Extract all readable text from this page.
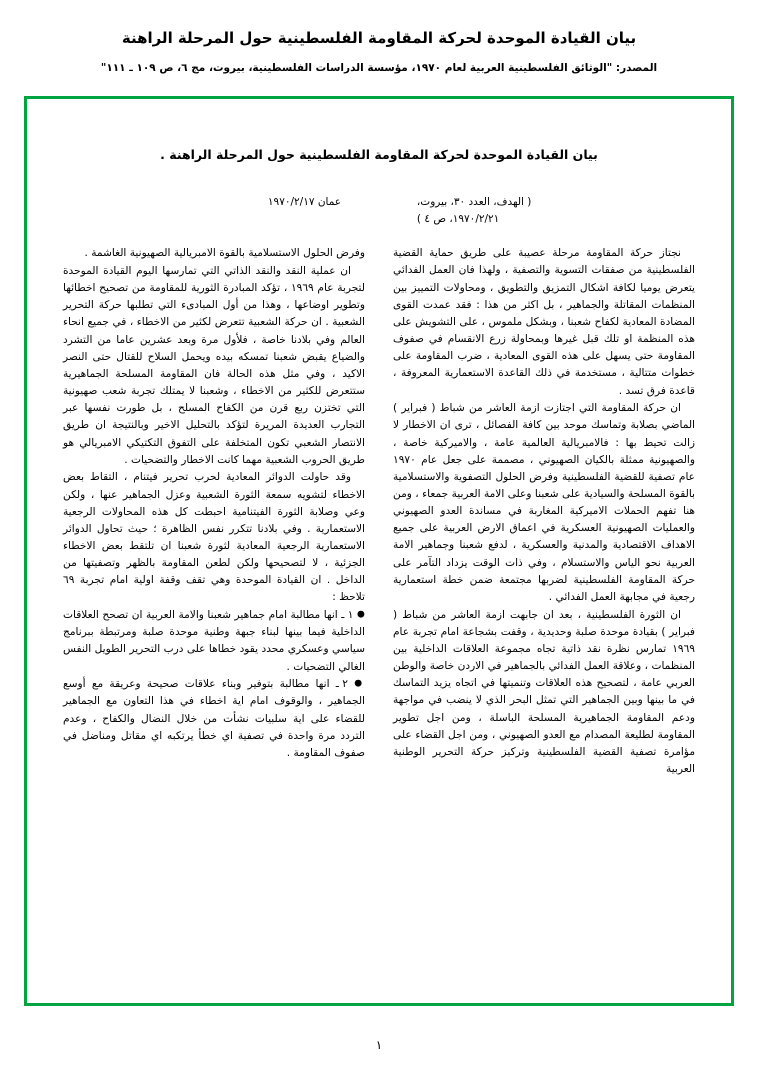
بيان القيادة الموحدة لحركة المقاومة الفلسطينية حول المرحلة الراهنة
المصدر: "الوثائق الفلسطينية العربية لعام ١٩٧٠، مؤسسة الدراسات الفلسطينية، بيروت، مج ٦، ص ١٠٩ ـ ١١١"
بيان القيادة الموحدة لحركة المقاومة الفلسطينية حول المرحلة الراهنة .
( الهدف، العدد ٣٠، بيروت،
١٩٧٠/٢/٢١، ص ٤ )
عمان ١٩٧٠/٢/١٧

نجتاز حركة المقاومة مرحلة عصيبة على طريق حماية القضية الفلسطينية من صفقات التسوية والتصفية ، ولهذا فان العمل الفدائي يتعرض يوميا لكافة اشكال التمزيق والتطويق ، ومحاولات التمييز بين المنظمات المقاتلة والجماهير ، بل اكثر من هذا : فقد عمدت القوى المضادة المعادية لكفاح شعبنا ، وبشكل ملموس ، على التشويش على هذه المنظمة او تلك قبل غيرها وبمحاولة زرع الانقسام في صفوف المقاومة حتى يسهل على هذه القوى المعادية ، ضرب المقاومة على خطوات متتالية ، مستخدمة في ذلك القاعدة الاستعمارية المعروفة ، قاعدة فرق تسد .

ان حركة المقاومة التي اجتازت ازمة العاشر من شباط ( فبراير ) الماضي بصلابة وتماسك موحد بين كافة الفصائل ، ترى ان الاخطار لا زالت تحيط بها : فالامبريالية العالمية عامة ، والاميركية خاصة ، والصهيونية ممثلة بالكيان الصهيوني ، مصممة على جعل عام ١٩٧٠ عام تصفية للقضية الفلسطينية وفرض الحلول التصفوية والاستسلامية بالقوة المسلحة والسيادية على شعبنا وعلى الامة العربية جمعاء ، ومن هنا تفهم الحملات الاميركية المغاربة في مساندة العدو الصهيوني والعمليات الصهيونية العسكرية في اعماق الارض العربية على جميع الاهداف الاقتصادية والمدنية والعسكرية ، لدفع شعبنا وجماهير الامة العربية نحو الياس والاستسلام ، وفي ذات الوقت يزداد التآمر على حركة المقاومة الفلسطينية لضربها مجتمعة ضمن خطة استعمارية رجعية في مجابهة العمل الفدائي .

ان الثورة الفلسطينية ، بعد ان جابهت ازمة العاشر من شباط ( فبراير ) بقيادة موحدة صلبة وحديدية ، وقفت بشجاعة امام تجربة عام ١٩٦٩ تمارس نظرة نقد ذاتية تجاه مجموعة العلاقات الداخلية بين المنظمات ، وعلاقة العمل الفدائي بالجماهير في الاردن خاصة والوطن العربي عامة ، لتصحيح هذه العلاقات وتنميتها في اتجاه يزيد التماسك في ما بينها وبين الجماهير التي تمثل البحر الذي لا ينضب في مواجهة ودعم المقاومة الجماهيرية المسلحة الباسلة ، ومن اجل تطوير المقاومة لطليعة المصدام مع العدو الصهيوني ، ومن اجل القضاء على مؤامرة تصفية القضية الفلسطينية وتركيز حركة التحرير الوطنية العربية

وفرض الحلول الاستسلامية بالقوة الامبريالية الصهيونية الغاشمة .

ان عملية النقد والنقد الذاتي التي تمارسها اليوم القيادة الموحدة لتجربة عام ١٩٦٩ ، تؤكد المبادرة الثورية للمقاومة من تصحيح اخطائها وتطوير اوضاعها ، وهذا من أول المبادىء التي تطلبها حركة التحرير الشعبية . ان حركة الشعبية تتعرض لكثير من الاخطاء ، في جميع انحاء العالم وفي بلادنا خاصة ، فلأول مرة وبعد عشرين عاما من التشرد والضياع يقبض شعبنا تمسكه بيده ويحمل السلاح للقتال حتى النصر الاكيد ، وفي مثل هذه الحالة فان المقاومة المسلحة الجماهيرية ستتعرض للكثير من الاخطاء ، وشعبنا لا يمتلك تجربة شعب صهيونية التي تختزن ربع قرن من الكفاح المسلح ، بل طورت نفسها عبر التجارب العديدة المريرة لتؤكد بالتحليل الاخير وبالنتيجة ان طريق الانتصار الشعبي تكون المتخلفة على التفوق التكتيكي الامبريالي هو طريق الحروب الشعبية مهما كانت الاخطار والتضحيات .

وقد حاولت الدوائر المعادية لحرب تحرير فيتنام ، التقاط بعض الاخطاء لتشويه سمعة الثورة الشعبية وعزل الجماهير عنها ، ولكن وعي وصلابة الثورة الفيتنامية احبطت كل هذه المحاولات الرجعية الاستعمارية . وفي بلادنا تتكرر نفس الظاهرة ؛ حيث تحاول الدوائر الاستعمارية الرجعية المعادية لثورة شعبنا ان تلتقط بعض الاخطاء الجزئية ، لا لتصحيحها ولكن لطعن المقاومة بالظهر وتصفيتها من الداخل . ان القيادة الموحدة وهي تقف وقفة اولية امام تجربة ٦٩ تلاحظ :

● ١ ـ انها مطالبة امام جماهير شعبنا والامة العربية ان تصحح العلاقات الداخلية فيما بينها لبناء جبهة وطنية موحدة صلبة ومرتبطة ببرنامج سياسي وعسكري محدد يقود خطاها على درب التحرير الطويل النفس الغالي التضحيات .

● ٢ ـ انها مطالبة بتوفير وبناء علاقات صحيحة وعريقة مع أوسع الجماهير ، والوقوف امام اية اخطاء في هذا التعاون مع الجماهير للقضاء على اية سلبيات نشأت من خلال النضال والكفاح ، وعدم التردد مرة واحدة في تصفية اي خطأ يرتكبه اي مقاتل ومناضل في صفوف المقاومة .

١
